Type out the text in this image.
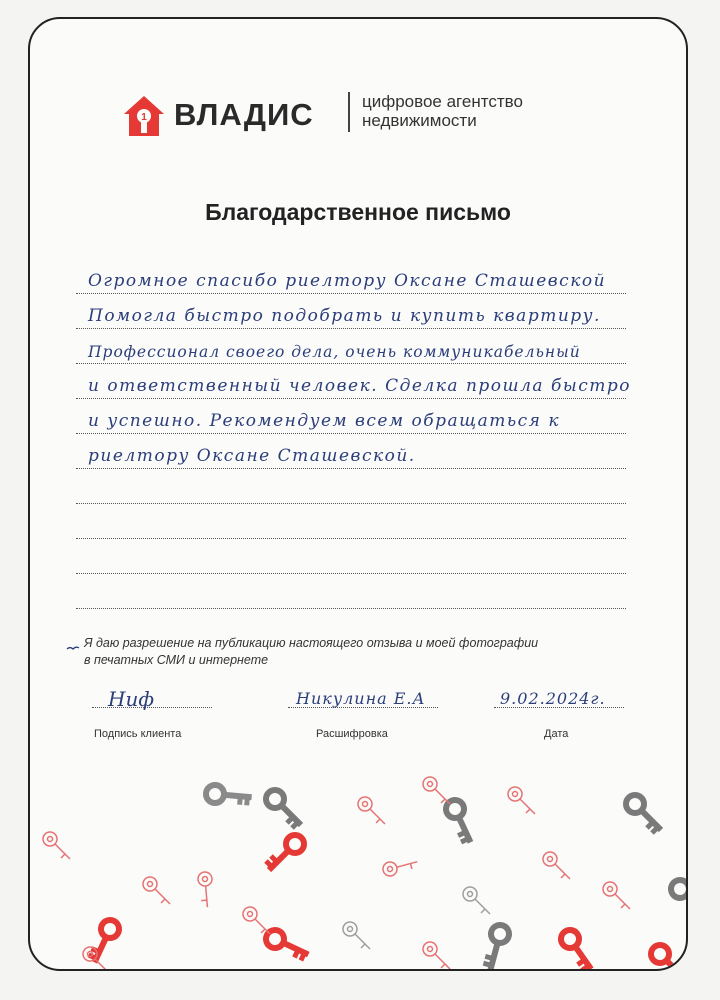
1 ВЛАДИС	цифровое агентство
недвижимости
Благодарственное письмо
Огромное спасибо риелтору Оксане Сташевской
Помогла быстро подобрать и купить квартиру.
Профессионал своего дела, очень коммуникабельный
и ответственный человек. Сделка прошла быстро
и успешно. Рекомендуем всем обращаться к
риелтору Оксане Сташевской.
Я даю разрешение на публикацию настоящего отзыва и моей фотографии
в печатных СМИ и интернете
Ниф
Подпись клиента
Никулина Е.А
Расшифровка
9.02.2024г.
Дата
